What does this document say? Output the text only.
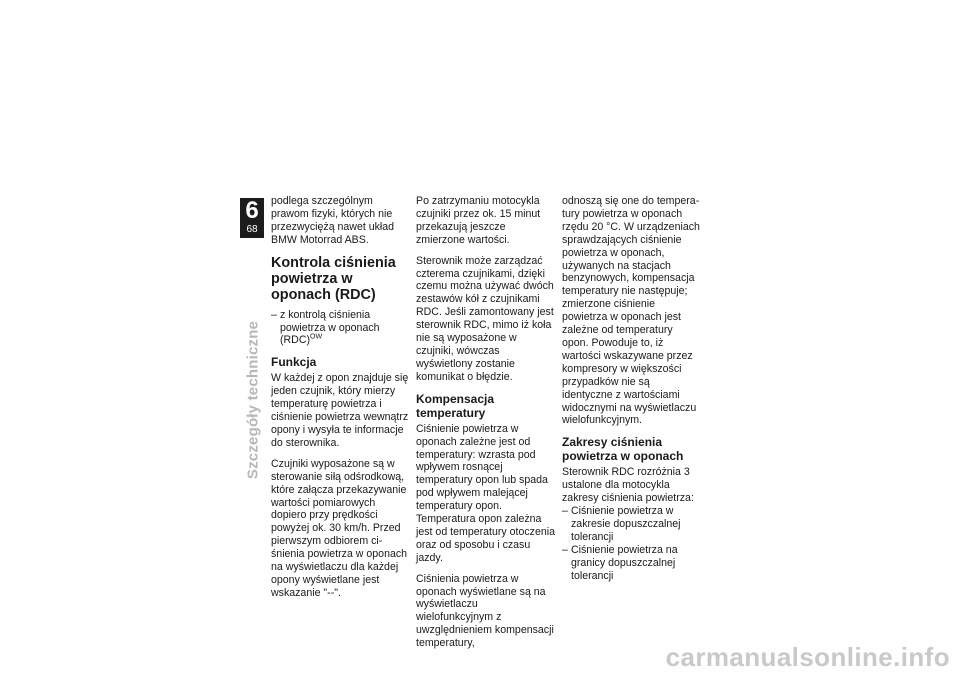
6
68
Szczegóły techniczne

podlega szczególnym prawom fizyki, których nie przezwyciężą nawet układ BMW Motorrad ABS.

Kontrola ciśnienia powietrza w oponach (RDC)
– z kontrolą ciśnienia powietrza w oponach (RDC)$^{OW}$
Funkcja

W każdej z opon znajduje się jeden czujnik, który mierzy temperaturę powietrza i ciśnienie powietrza wewnątrz opony i wysyła te informacje do sterownika.

Czujniki wyposażone są w sterowanie siłą odśrodkową, które załącza przekazywanie wartości pomiarowych dopiero przy prędkości powyżej ok. 30 km/h. Przed pierwszym odbiorem ciśnienia powietrza w oponach na wyświetlaczu dla każdej opony wyświetlane jest wskazanie "--".

Po zatrzymaniu motocykla czujniki przez ok. 15 minut przekazują jeszcze zmierzone wartości.

Sterownik może zarządzać czterema czujnikami, dzięki czemu można używać dwóch zestawów kół z czujnikami RDC. Jeśli zamontowany jest sterownik RDC, mimo iż koła nie są wyposażone w czujniki, wówczas wyświetlony zostanie komunikat o błędzie.

Kompensacja temperatury

Ciśnienie powietrza w oponach zależne jest od temperatury: wzrasta pod wpływem rosnącej temperatury opon lub spada pod wpływem malejącej temperatury opon. Temperatura opon zależna jest od temperatury otoczenia oraz od sposobu i czasu jazdy.

Ciśnienia powietrza w oponach wyświetlane są na wyświetlaczu wielofunkcyjnym z uwzględnieniem kompensacji temperatury,

odnoszą się one do temperatury powietrza w oponach rzędu 20 °C. W urządzeniach sprawdzających ciśnienie powietrza w oponach, używanych na stacjach benzynowych, kompensacja temperatury nie następuje; zmierzone ciśnienie powietrza w oponach jest zależne od temperatury opon. Powoduje to, iż wartości wskazywane przez kompresory w większości przypadków nie są identyczne z wartościami widocznymi na wyświetlaczu wielofunkcyjnym.

Zakresy ciśnienia powietrza w oponach

Sterownik RDC rozróżnia 3 ustalone dla motocykla zakresy ciśnienia powietrza:

– Ciśnienie powietrza w zakresie dopuszczalnej tolerancji
– Ciśnienie powietrza na granicy dopuszczalnej tolerancji
carmanualsonline.info
